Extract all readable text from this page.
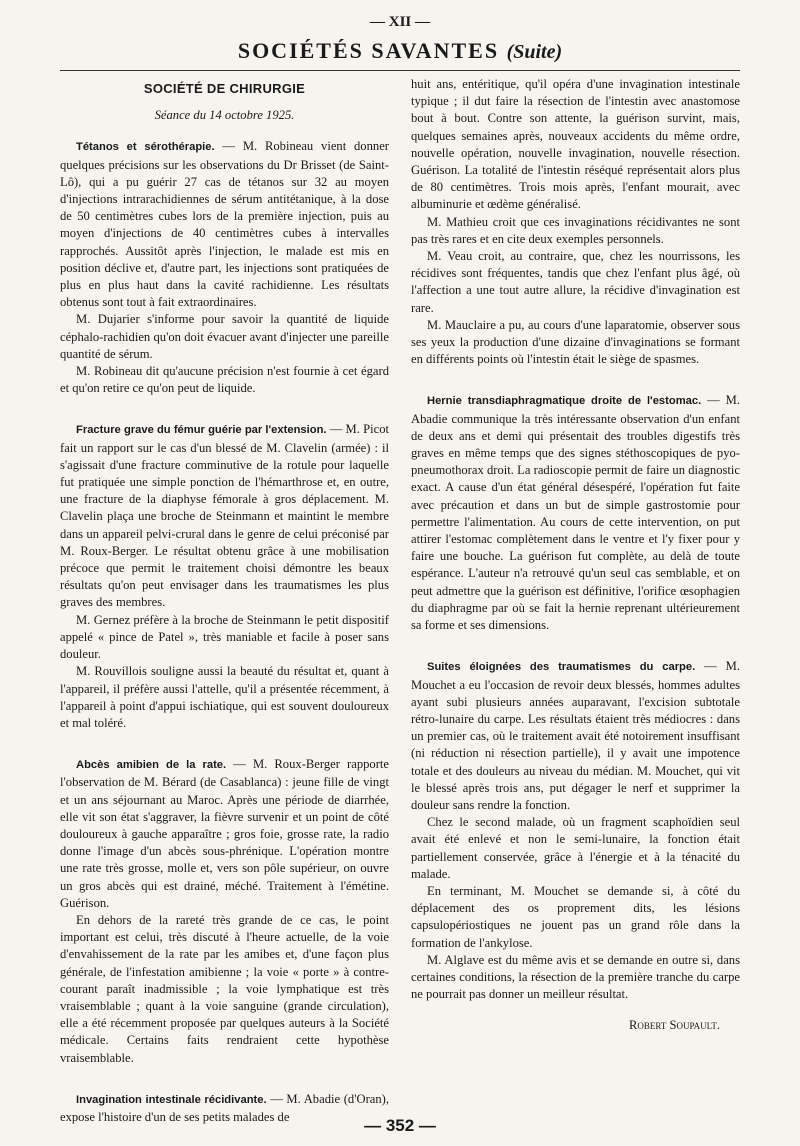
— XII —
SOCIÉTÉS SAVANTES (Suite)
SOCIÉTÉ DE CHIRURGIE
Séance du 14 octobre 1925.

Tétanos et sérothérapie. — M. Robineau vient donner quelques précisions sur les observations du Dr Brisset (de Saint-Lô), qui a pu guérir 27 cas de tétanos sur 32 au moyen d'injections intrarachidiennes de sérum antitétanique, à la dose de 50 centimètres cubes lors de la première injection, puis au moyen d'injections de 40 centimètres cubes à intervalles rapprochés. Aussitôt après l'injection, le malade est mis en position déclive et, d'autre part, les injections sont pratiquées de plus en plus haut dans la cavité rachidienne. Les résultats obtenus sont tout à fait extraordinaires.

M. Dujarier s'informe pour savoir la quantité de liquide céphalo-rachidien qu'on doit évacuer avant d'injecter une pareille quantité de sérum.

M. Robineau dit qu'aucune précision n'est fournie à cet égard et qu'on retire ce qu'on peut de liquide.

Fracture grave du fémur guérie par l'extension. — M. Picot fait un rapport sur le cas d'un blessé de M. Clavelin (armée) : il s'agissait d'une fracture comminutive de la rotule pour laquelle fut pratiquée une simple ponction de l'hémarthrose et, en outre, une fracture de la diaphyse fémorale à gros déplacement. M. Clavelin plaça une broche de Steinmann et maintint le membre dans un appareil pelvi-crural dans le genre de celui préconisé par M. Roux-Berger. Le résultat obtenu grâce à une mobilisation précoce que permit le traitement choisi démontre les beaux résultats qu'on peut envisager dans les traumatismes les plus graves des membres.

M. Gernez préfère à la broche de Steinmann le petit dispositif appelé « pince de Patel », très maniable et facile à poser sans douleur.

M. Rouvillois souligne aussi la beauté du résultat et, quant à l'appareil, il préfère aussi l'attelle, qu'il a présentée récemment, à l'appareil à point d'appui ischiatique, qui est souvent douloureux et mal toléré.

Abcès amibien de la rate. — M. Roux-Berger rapporte l'observation de M. Bérard (de Casablanca) : jeune fille de vingt et un ans séjournant au Maroc. Après une période de diarrhée, elle vit son état s'aggraver, la fièvre survenir et un point de côté douloureux à gauche apparaître ; gros foie, grosse rate, la radio donne l'image d'un abcès sous-phrénique. L'opération montre une rate très grosse, molle et, vers son pôle supérieur, on ouvre un gros abcès qui est drainé, méché. Traitement à l'émétine. Guérison.

En dehors de la rareté très grande de ce cas, le point important est celui, très discuté à l'heure actuelle, de la voie d'envahissement de la rate par les amibes et, d'une façon plus générale, de l'infestation amibienne ; la voie « porte » à contre-courant paraît inadmissible ; la voie lymphatique est très vraisemblable ; quant à la voie sanguine (grande circulation), elle a été récemment proposée par quelques auteurs à la Société médicale. Certains faits rendraient cette hypothèse vraisemblable.

Invagination intestinale récidivante. — M. Abadie (d'Oran), expose l'histoire d'un de ses petits malades de

huit ans, entéritique, qu'il opéra d'une invagination intestinale typique ; il dut faire la résection de l'intestin avec anastomose bout à bout. Contre son attente, la guérison survint, mais, quelques semaines après, nouveaux accidents du même ordre, nouvelle opération, nouvelle invagination, nouvelle résection. Guérison. La totalité de l'intestin réséqué représentait alors plus de 80 centimètres. Trois mois après, l'enfant mourait, avec albuminurie et œdème généralisé.

M. Mathieu croit que ces invaginations récidivantes ne sont pas très rares et en cite deux exemples personnels.

M. Veau croit, au contraire, que, chez les nourrissons, les récidives sont fréquentes, tandis que chez l'enfant plus âgé, où l'affection a une tout autre allure, la récidive d'invagination est rare.

M. Mauclaire a pu, au cours d'une laparatomie, observer sous ses yeux la production d'une dizaine d'invaginations se formant en différents points où l'intestin était le siège de spasmes.

Hernie transdiaphragmatique droite de l'estomac. — M. Abadie communique la très intéressante observation d'un enfant de deux ans et demi qui présentait des troubles digestifs très graves en même temps que des signes stéthoscopiques de pyo-pneumothorax droit. La radioscopie permit de faire un diagnostic exact. A cause d'un état général désespéré, l'opération fut faite avec précaution et dans un but de simple gastrostomie pour permettre l'alimentation. Au cours de cette intervention, on put attirer l'estomac complètement dans le ventre et l'y fixer pour y faire une bouche. La guérison fut complète, au delà de toute espérance. L'auteur n'a retrouvé qu'un seul cas semblable, et on peut admettre que la guérison est définitive, l'orifice œsophagien du diaphragme par où se fait la hernie reprenant ultérieurement sa forme et ses dimensions.

Suites éloignées des traumatismes du carpe. — M. Mouchet a eu l'occasion de revoir deux blessés, hommes adultes ayant subi plusieurs années auparavant, l'excision subtotale rétro-lunaire du carpe. Les résultats étaient très médiocres : dans un premier cas, où le traitement avait été notoirement insuffisant (ni réduction ni résection partielle), il y avait une impotence totale et des douleurs au niveau du médian. M. Mouchet, qui vit le blessé après trois ans, put dégager le nerf et supprimer la douleur sans rendre la fonction.

Chez le second malade, où un fragment scaphoïdien seul avait été enlevé et non le semi-lunaire, la fonction était partiellement conservée, grâce à l'énergie et à la ténacité du malade.

En terminant, M. Mouchet se demande si, à côté du déplacement des os proprement dits, les lésions capsulopériostiques ne jouent pas un grand rôle dans la formation de l'ankylose.

M. Alglave est du même avis et se demande en outre si, dans certaines conditions, la résection de la première tranche du carpe ne pourrait pas donner un meilleur résultat.

Robert Soupault.
— 352 —
